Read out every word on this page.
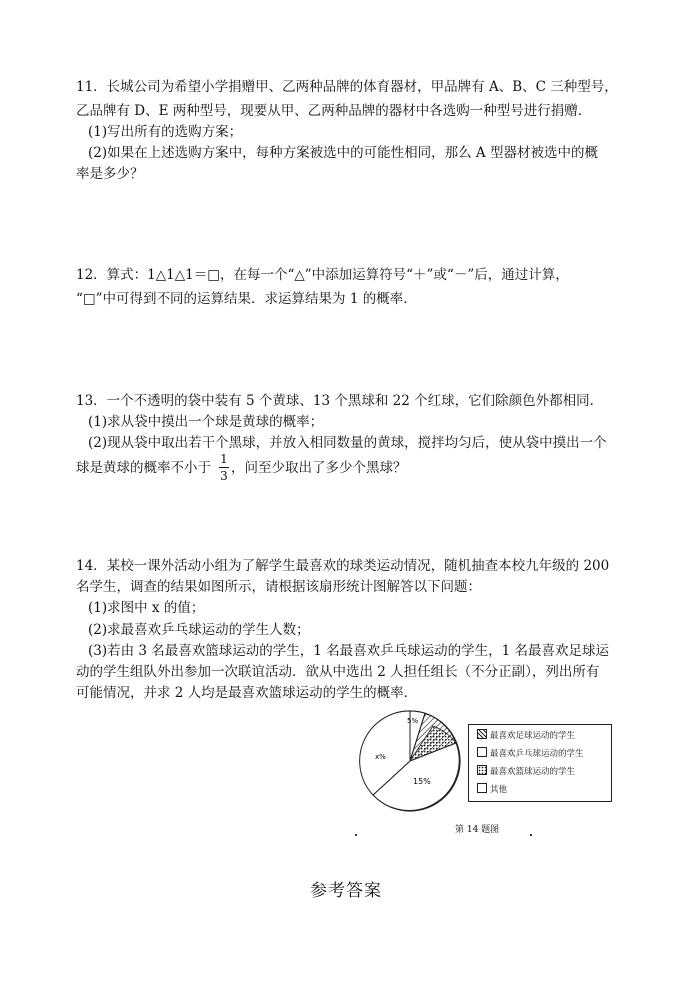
11．长城公司为希望小学捐赠甲、乙两种品牌的体育器材，甲品牌有 A、B、C 三种型号，
乙品牌有 D、E 两种型号，现要从甲、乙两种品牌的器材中各选购一种型号进行捐赠．
(1)写出所有的选购方案；
(2)如果在上述选购方案中，每种方案被选中的可能性相同，那么 A 型器材被选中的概
率是多少？
12．算式：1△1△1＝□，在每一个“△”中添加运算符号“＋”或“－”后，通过计算，
“□”中可得到不同的运算结果．求运算结果为 1 的概率．
13．一个不透明的袋中装有 5 个黄球、13 个黑球和 22 个红球，它们除颜色外都相同．
(1)求从袋中摸出一个球是黄球的概率；
(2)现从袋中取出若干个黑球，并放入相同数量的黄球，搅拌均匀后，使从袋中摸出一个
球是黄球的概率不小于
1
3 ，问至少取出了多少个黑球？
14．某校一课外活动小组为了解学生最喜欢的球类运动情况，随机抽查本校九年级的 200
名学生，调查的结果如图所示，请根据该扇形统计图解答以下问题：
(1)求图中 x 的值；
(2)求最喜欢乒乓球运动的学生人数；
(3)若由 3 名最喜欢篮球运动的学生，1 名最喜欢乒乓球运动的学生，1 名最喜欢足球运
动的学生组队外出参加一次联谊活动．欲从中选出 2 人担任组长（不分正副），列出所有
可能情况，并求 2 人均是最喜欢篮球运动的学生的概率．
5%
15%
x%
最喜欢足球运动的学生
最喜欢乒乓球运动的学生
最喜欢篮球运动的学生
其他
第 14 题图
参考答案
